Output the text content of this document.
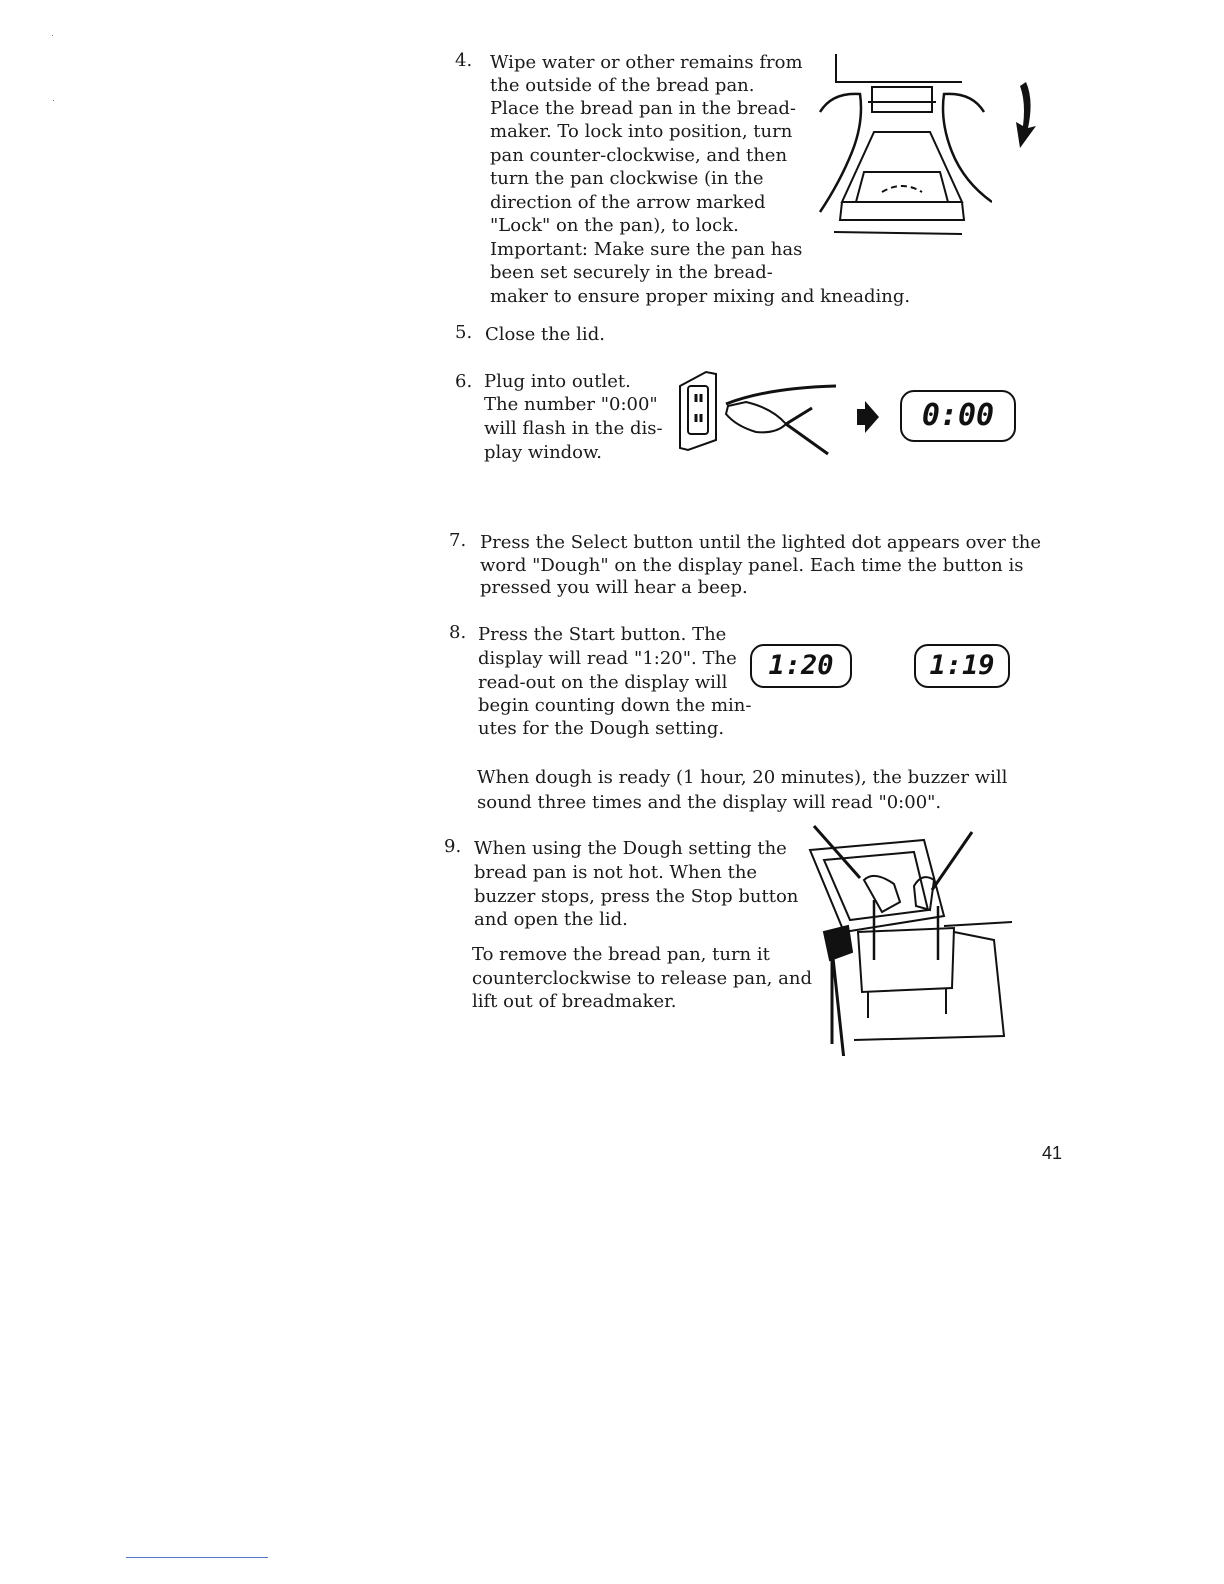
4. Wipe water or other remains from
the outside of the bread pan.
Place the bread pan in the bread-
maker. To lock into position, turn
pan counter-clockwise, and then
turn the pan clockwise (in the
direction of the arrow marked
"Lock" on the pan), to lock.
Important: Make sure the pan has
been set securely in the bread-
maker to ensure proper mixing and kneading.
5. Close the lid.
6. Plug into outlet.
The number "0:00"
will flash in the dis-
play window.
0:00
7. Press the Select button until the lighted dot appears over the
word "Dough" on the display panel. Each time the button is
pressed you will hear a beep.
8. Press the Start button. The
display will read "1:20". The
read-out on the display will
begin counting down the min-
utes for the Dough setting.
1:20	1:19
When dough is ready (1 hour, 20 minutes), the buzzer will
sound three times and the display will read "0:00".
9. When using the Dough setting the
bread pan is not hot. When the
buzzer stops, press the Stop button
and open the lid.
To remove the bread pan, turn it
counterclockwise to release pan, and
lift out of breadmaker.
41
